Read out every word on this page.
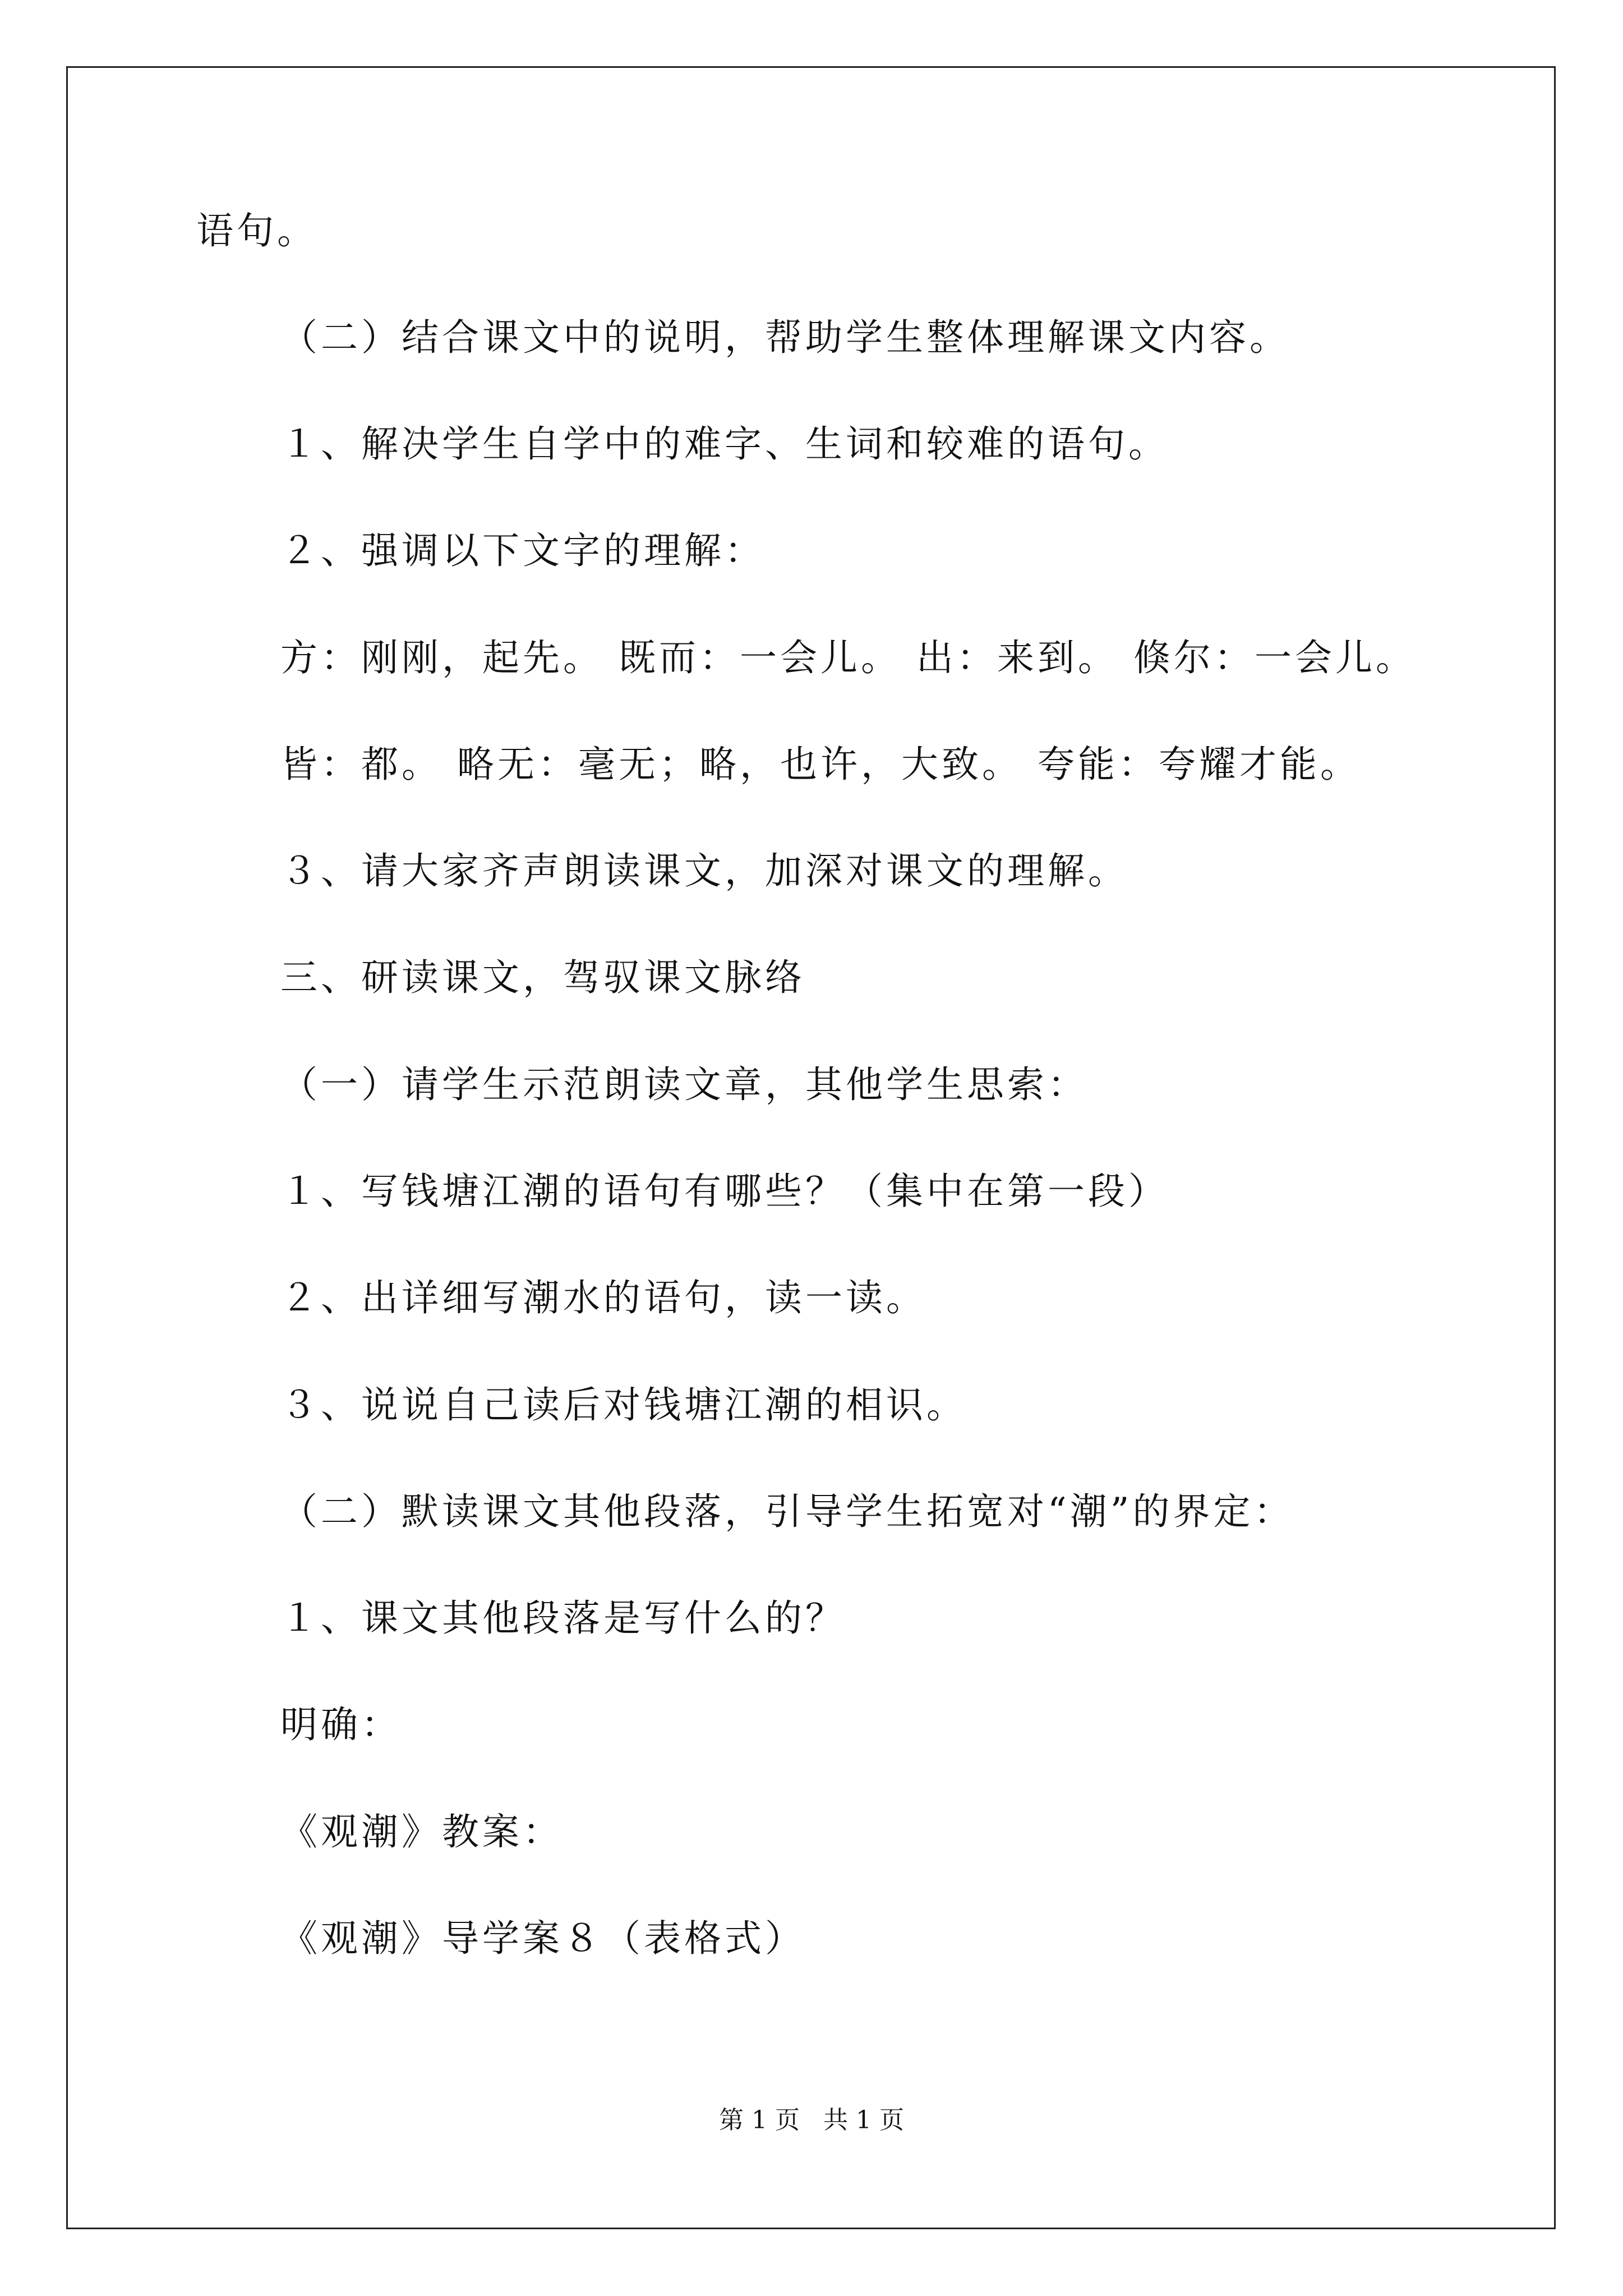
语句。
（二）结合课文中的说明，帮助学生整体理解课文内容。
１、解决学生自学中的难字、生词和较难的语句。
２、强调以下文字的理解：
方：刚刚，起先。 既而：一会儿。 出：来到。 倏尔：一会儿。
皆：都。 略无：毫无；略，也许，大致。 夸能：夸耀才能。
３、请大家齐声朗读课文，加深对课文的理解。
三、研读课文，驾驭课文脉络
（一）请学生示范朗读文章，其他学生思索：
１、写钱塘江潮的语句有哪些？（集中在第一段）
２、出详细写潮水的语句，读一读。
３、说说自己读后对钱塘江潮的相识。
（二）默读课文其他段落，引导学生拓宽对“潮”的界定：
１、课文其他段落是写什么的？
明确：
《观潮》教案：
《观潮》导学案８（表格式）
第 1 页   共 1 页
